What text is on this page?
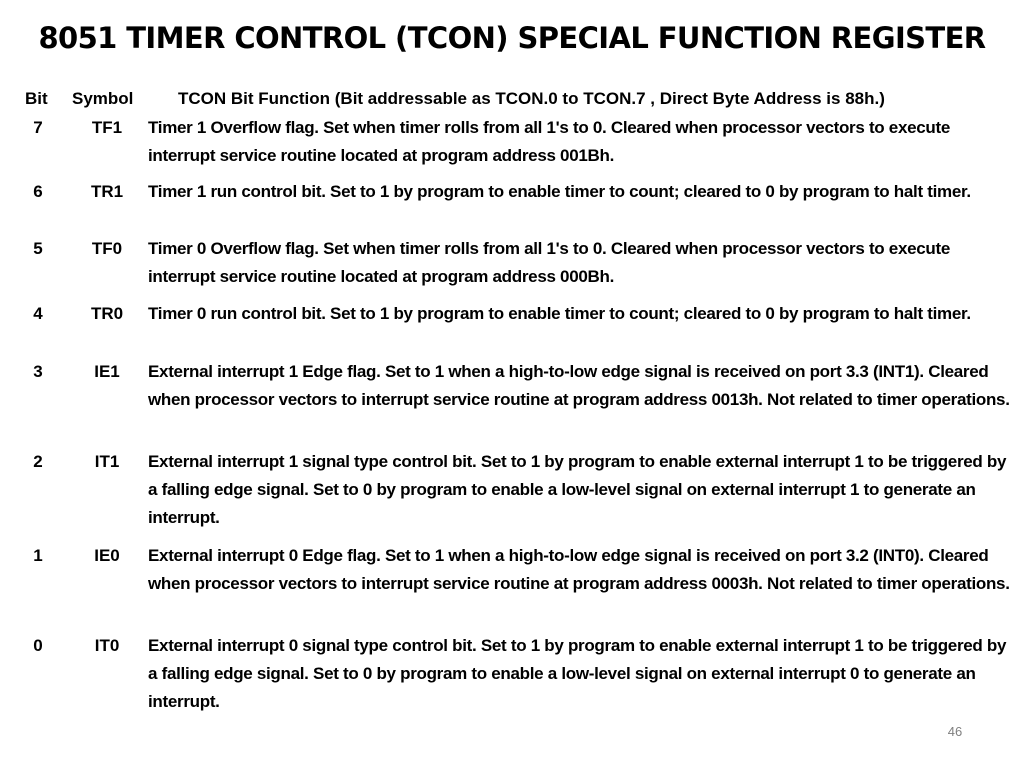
8051 TIMER CONTROL (TCON) SPECIAL FUNCTION REGISTER
Bit Symbol	TCON Bit Function (Bit addressable as TCON.0 to TCON.7 , Direct Byte Address is 88h.)
7	TF1	Timer 1 Overflow flag. Set when timer rolls from all 1's to 0. Cleared when processor vectors to execute interrupt service routine located at program address 001Bh.
6	TR1	Timer 1 run control bit. Set to 1 by program to enable timer to count; cleared to 0 by program to halt timer.
5	TF0	Timer 0 Overflow flag. Set when timer rolls from all 1's to 0. Cleared when processor vectors to execute interrupt service routine located at program address 000Bh.
4	TR0	Timer 0 run control bit. Set to 1 by program to enable timer to count; cleared to 0 by program to halt timer.
3	IE1	External interrupt 1 Edge flag. Set to 1 when a high-to-low edge signal is received on port 3.3 (INT1). Cleared when processor vectors to interrupt service routine at program address 0013h. Not related to timer operations.
2	IT1	External interrupt 1 signal type control bit. Set to 1 by program to enable external interrupt 1 to be triggered by a falling edge signal. Set to 0 by program to enable a low-level signal on external interrupt 1 to generate an interrupt.
1	IE0	External interrupt 0 Edge flag. Set to 1 when a high-to-low edge signal is received on port 3.2 (INT0). Cleared when processor vectors to interrupt service routine at program address 0003h. Not related to timer operations.
0	IT0	External interrupt 0 signal type control bit. Set to 1 by program to enable external interrupt 1 to be triggered by a falling edge signal. Set to 0 by program to enable a low-level signal on external interrupt 0 to generate an interrupt.
46
